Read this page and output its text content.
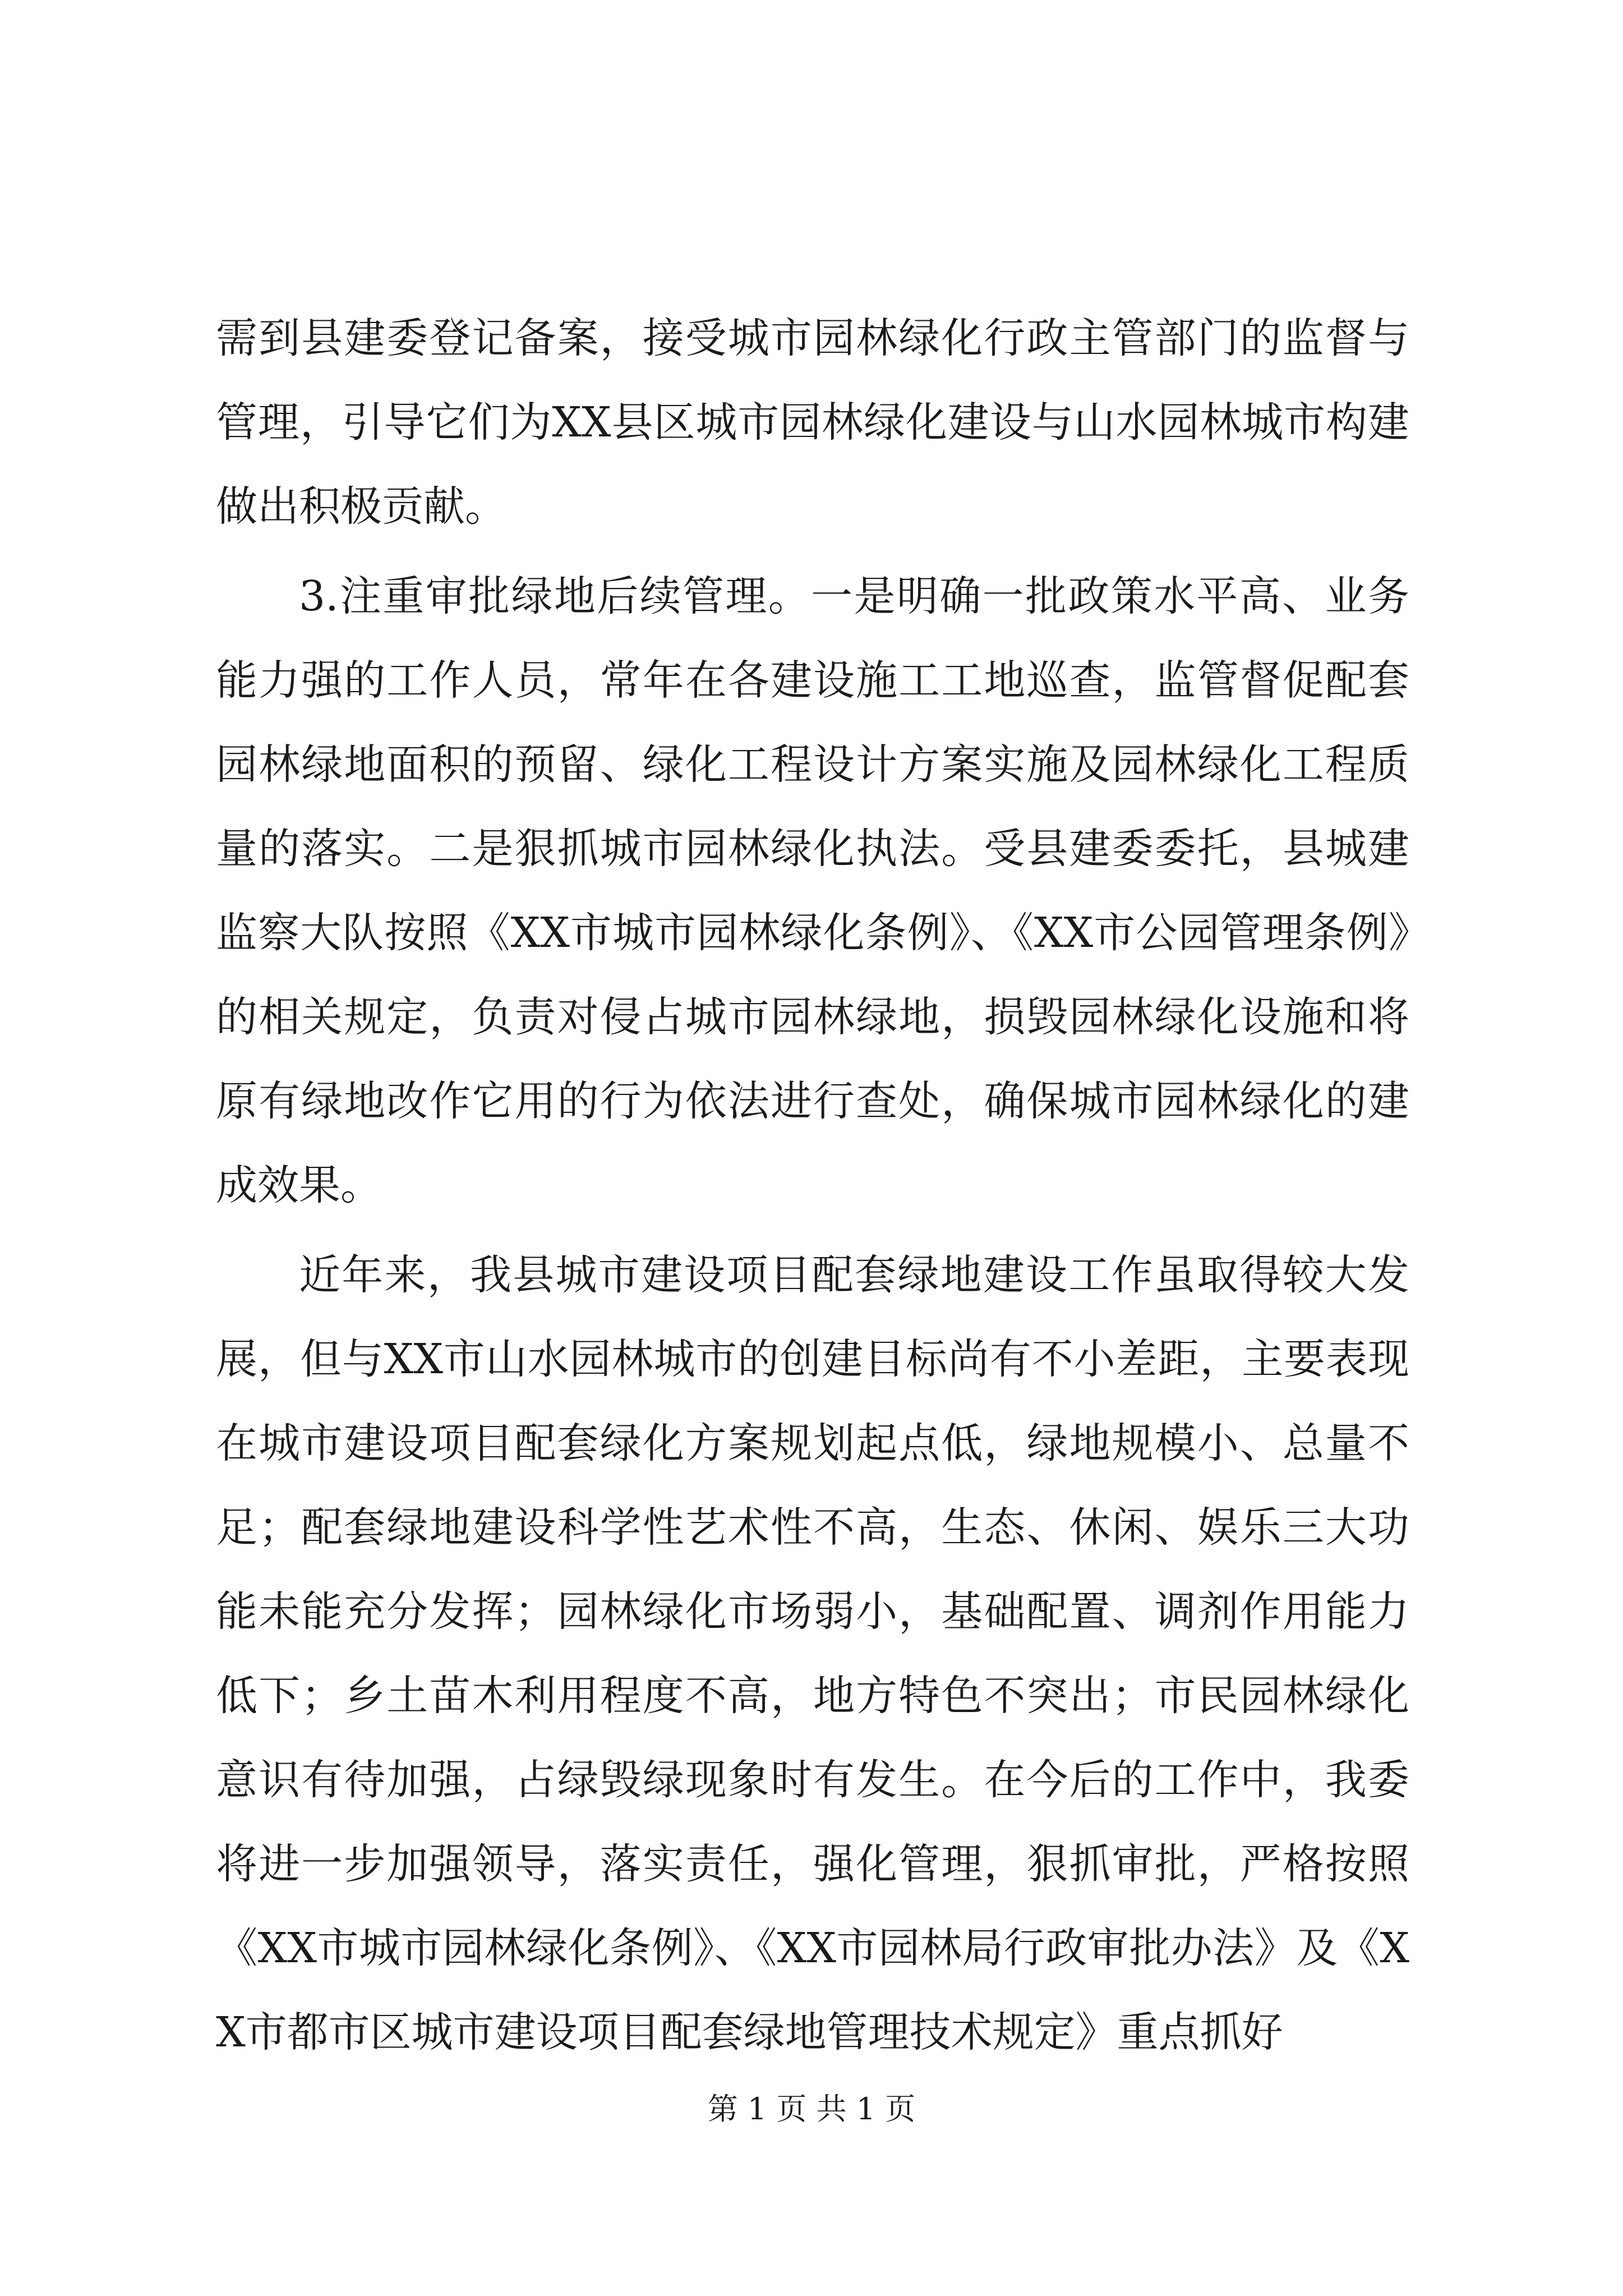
需到县建委登记备案，接受城市园林绿化行政主管部门的监督与管理，引导它们为XX县区城市园林绿化建设与山水园林城市构建做出积极贡献。

3.注重审批绿地后续管理。一是明确一批政策水平高、业务能力强的工作人员，常年在各建设施工工地巡查，监管督促配套园林绿地面积的预留、绿化工程设计方案实施及园林绿化工程质量的落实。二是狠抓城市园林绿化执法。受县建委委托，县城建监察大队按照《XX市城市园林绿化条例》、《XX市公园管理条例》的相关规定，负责对侵占城市园林绿地，损毁园林绿化设施和将原有绿地改作它用的行为依法进行查处，确保城市园林绿化的建成效果。

近年来，我县城市建设项目配套绿地建设工作虽取得较大发展，但与XX市山水园林城市的创建目标尚有不小差距，主要表现在城市建设项目配套绿化方案规划起点低，绿地规模小、总量不足；配套绿地建设科学性艺术性不高，生态、休闲、娱乐三大功能未能充分发挥；园林绿化市场弱小，基础配置、调剂作用能力低下；乡土苗木利用程度不高，地方特色不突出；市民园林绿化意识有待加强，占绿毁绿现象时有发生。在今后的工作中，我委将进一步加强领导，落实责任，强化管理，狠抓审批，严格按照《XX市城市园林绿化条例》、《XX市园林局行政审批办法》及《XX市都市区城市建设项目配套绿地管理技术规定》重点抓好

第 1 页 共 1 页
